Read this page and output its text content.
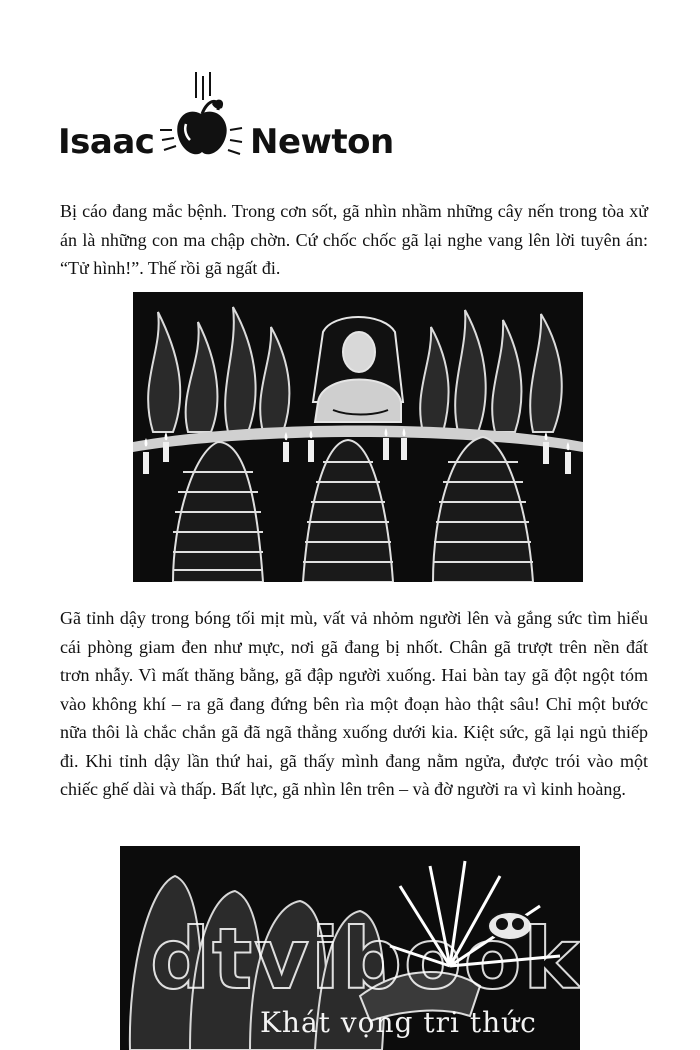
Isaac	Newton

Bị cáo đang mắc bệnh. Trong cơn sốt, gã nhìn nhầm những cây nến trong tòa xử án là những con ma chập chờn. Cứ chốc chốc gã lại nghe vang lên lời tuyên án: “Tử hình!”. Thế rồi gã ngất đi.

Gã tỉnh dậy trong bóng tối mịt mù, vất vả nhỏm người lên và gắng sức tìm hiểu cái phòng giam đen như mực, nơi gã đang bị nhốt. Chân gã trượt trên nền đất trơn nhẫy. Vì mất thăng bằng, gã đập người xuống. Hai bàn tay gã đột ngột tóm vào không khí – ra gã đang đứng bên rìa một đoạn hào thật sâu! Chỉ một bước nữa thôi là chắc chắn gã đã ngã thẳng xuống dưới kia. Kiệt sức, gã lại ngủ thiếp đi. Khi tỉnh dậy lần thứ hai, gã thấy mình đang nằm ngửa, được trói vào một chiếc ghế dài và thấp. Bất lực, gã nhìn lên trên – và đờ người ra vì kinh hoàng.

dtvibooks
Khát vọng tri thức
